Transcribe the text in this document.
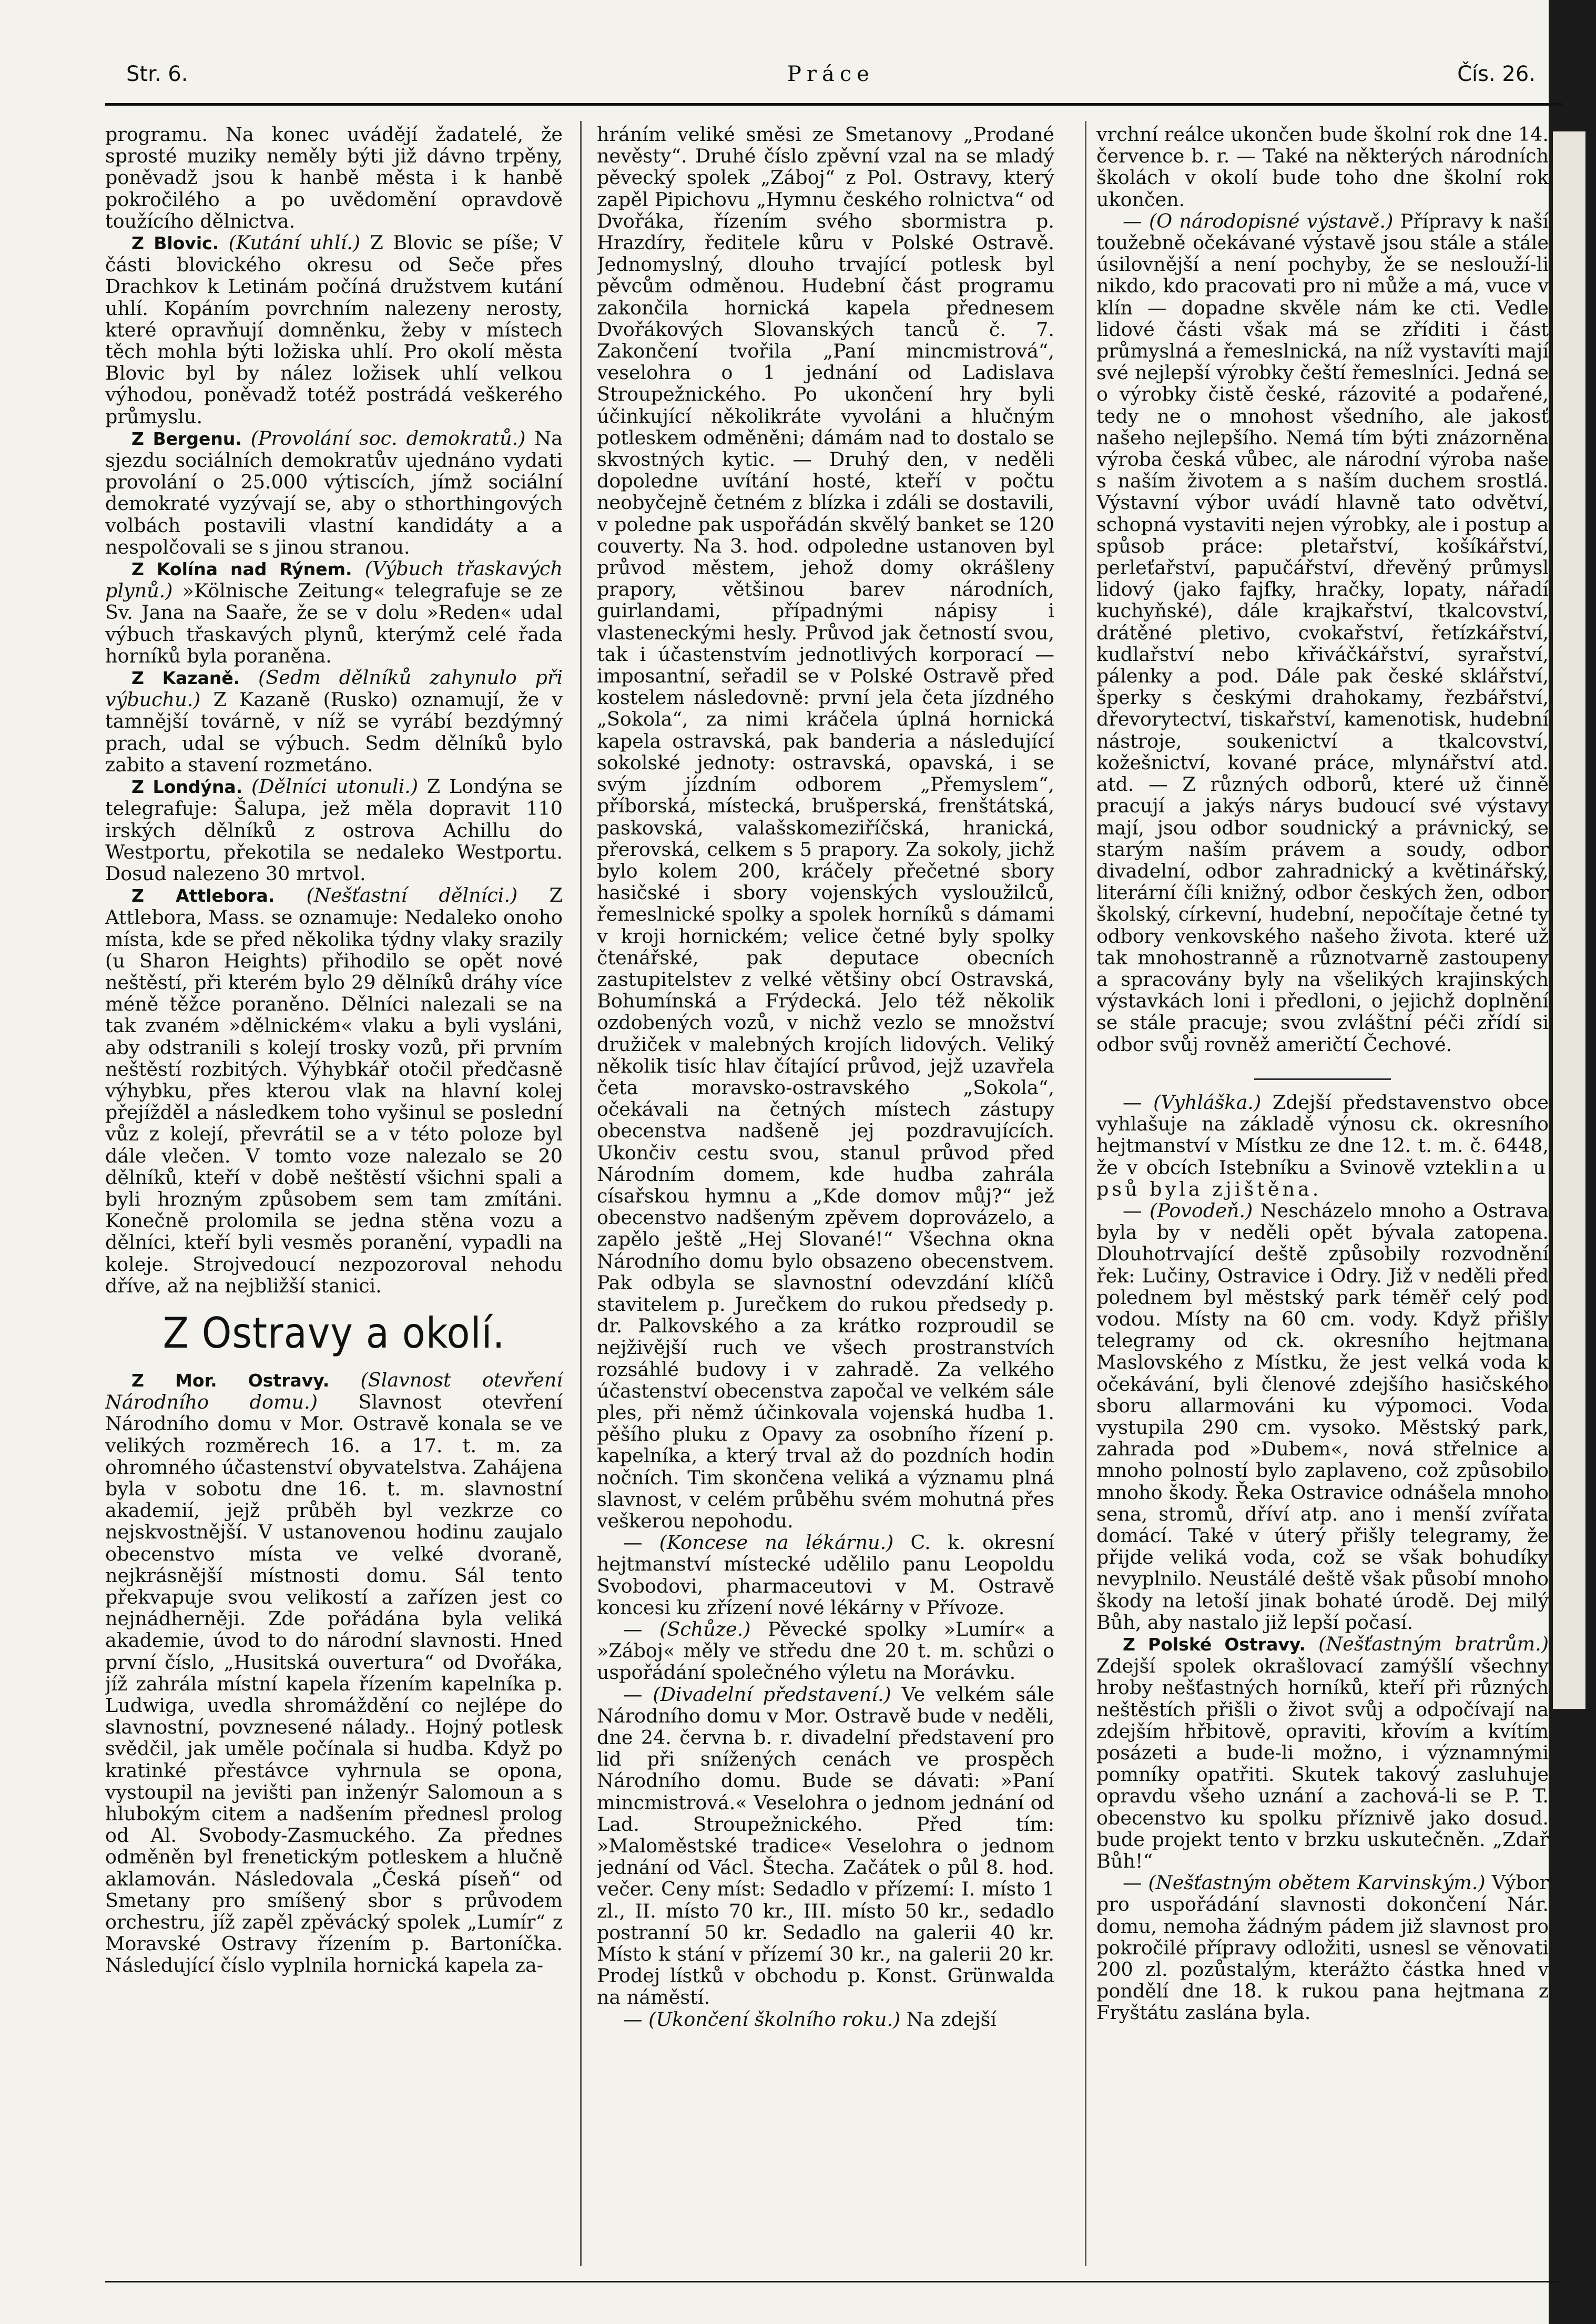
Str. 6.	Práce	Čís. 26.

programu. Na konec uvádějí žadatelé, že sprosté muziky neměly býti již dávno trpěny, poněvadž jsou k hanbě města i k hanbě pokročilého a po uvědomění opravdově toužícího dělnictva.

Z Blovic. (Kutání uhlí.) Z Blovic se píše; V části blovického okresu od Seče přes Drachkov k Letinám počíná družstvem kutání uhlí. Kopáním povrchním nalezeny nerosty, které opravňují domněnku, žeby v místech těch mohla býti ložiska uhlí. Pro okolí města Blovic byl by nález ložisek uhlí velkou výhodou, poněvadž totéž postrádá veškerého průmyslu.

Z Bergenu. (Provolání soc. demokratů.) Na sjezdu sociálních demokratův ujednáno vydati provolání o 25.000 výtiscích, jímž sociální demokraté vyzývají se, aby o sthorthingových volbách postavili vlastní kandidáty a a nespolčovali se s jinou stranou.

Z Kolína nad Rýnem. (Výbuch třaskavých plynů.) »Kölnische Zeitung« telegrafuje se ze Sv. Jana na Saaře, že se v dolu »Reden« udal výbuch třaskavých plynů, kterýmž celé řada horníků byla poraněna.

Z Kazaně. (Sedm dělníků zahynulo při výbuchu.) Z Kazaně (Rusko) oznamují, že v tamnější továrně, v níž se vyrábí bezdýmný prach, udal se výbuch. Sedm dělníků bylo zabito a stavení rozmetáno.

Z Londýna. (Dělníci utonuli.) Z Londýna se telegrafuje: Šalupa, jež měla dopravit 110 irských dělníků z ostrova Achillu do Westportu, překotila se nedaleko Westportu. Dosud nalezeno 30 mrtvol.

Z Attlebora. (Nešťastní dělníci.) Z Attlebora, Mass. se oznamuje: Nedaleko onoho místa, kde se před několika týdny vlaky srazily (u Sharon Heights) přihodilo se opět nové neštěstí, při kterém bylo 29 dělníků dráhy více méně těžce poraněno. Dělníci nalezali se na tak zvaném »dělnickém« vlaku a byli vysláni, aby odstranili s kolejí trosky vozů, při prvním neštěstí rozbitých. Výhybkář otočil předčasně výhybku, přes kterou vlak na hlavní kolej přejížděl a následkem toho vyšinul se poslední vůz z kolejí, převrátil se a v této poloze byl dále vlečen. V tomto voze nalezalo se 20 dělníků, kteří v době neštěstí všichni spali a byli hrozným způsobem sem tam zmítáni. Konečně prolomila se jedna stěna vozu a dělníci, kteří byli vesměs poranění, vypadli na koleje. Strojvedoucí nezpozoroval nehodu dříve, až na nejbližší stanici.

Z Ostravy a okolí.

Z Mor. Ostravy. (Slavnost otevření Národního domu.) Slavnost otevření Národního domu v Mor. Ostravě konala se ve velikých rozměrech 16. a 17. t. m. za ohromného účastenství obyvatelstva. Zahájena byla v sobotu dne 16. t. m. slavnostní akademií, jejž průběh byl vezkrze co nejskvostnější. V ustanovenou hodinu zaujalo obecenstvo místa ve velké dvoraně, nejkrásnější místnosti domu. Sál tento překvapuje svou velikostí a zařízen jest co nejnádherněji. Zde pořádána byla veliká akademie, úvod to do národní slavnosti. Hned první číslo, „Husitská ouvertura“ od Dvořáka, jíž zahrála místní kapela řízením kapelníka p. Ludwiga, uvedla shromáždění co nejlépe do slavnostní, povznesené nálady.. Hojný potlesk svědčil, jak uměle počínala si hudba. Když po kratinké přestávce vyhrnula se opona, vystoupil na jevišti pan inženýr Salomoun a s hlubokým citem a nadšením přednesl prolog od Al. Svobody-Zasmuckého. Za přednes odměněn byl frenetickým potleskem a hlučně aklamován. Následovala „Česká píseň“ od Smetany pro smíšený sbor s průvodem orchestru, jíž zapěl zpěvácký spolek „Lumír“ z Moravské Ostravy řízením p. Bartoníčka. Následující číslo vyplnila hornická kapela za-

hráním veliké směsi ze Smetanovy „Prodané nevěsty“. Druhé číslo zpěvní vzal na se mladý pěvecký spolek „Záboj“ z Pol. Ostravy, který zapěl Pipichovu „Hymnu českého rolnictva“ od Dvořáka, řízením svého sbormistra p. Hrazdíry, ředitele kůru v Polské Ostravě. Jednomyslný, dlouho trvající potlesk byl pěvcům odměnou. Hudební část programu zakončila hornická kapela přednesem Dvořákových Slovanských tanců č. 7. Zakončení tvořila „Paní mincmistrová“, veselohra o 1 jednání od Ladislava Stroupežnického. Po ukončení hry byli účinkující několikráte vyvoláni a hlučným potleskem odměněni; dámám nad to dostalo se skvostných kytic. — Druhý den, v neděli dopoledne uvítání hosté, kteří v počtu neobyčejně četném z blízka i zdáli se dostavili, v poledne pak uspořádán skvělý banket se 120 couverty. Na 3. hod. odpoledne ustanoven byl průvod městem, jehož domy okrášleny prapory, většinou barev národních, guirlandami, případnými nápisy i vlasteneckými hesly. Průvod jak četností svou, tak i účastenstvím jednotlivých korporací — imposantní, seřadil se v Polské Ostravě před kostelem následovně: první jela četa jízdného „Sokola“, za nimi kráčela úplná hornická kapela ostravská, pak banderia a následující sokolské jednoty: ostravská, opavská, i se svým jízdním odborem „Přemyslem“, příborská, místecká, brušperská, frenštátská, paskovská, valašskomeziříčská, hranická, přerovská, celkem s 5 prapory. Za sokoly, jichž bylo kolem 200, kráčely přečetné sbory hasičské i sbory vojenských vysloužilců, řemeslnické spolky a spolek horníků s dámami v kroji hornickém; velice četné byly spolky čtenářské, pak deputace obecních zastupitelstev z velké většiny obcí Ostravská, Bohumínská a Frýdecká. Jelo též několik ozdobených vozů, v nichž vezlo se množství družiček v malebných krojích lidových. Veliký několik tisíc hlav čítající průvod, jejž uzavřela četa moravsko-ostravského „Sokola“, očekávali na četných místech zástupy obecenstva nadšeně jej pozdravujících. Ukončiv cestu svou, stanul průvod před Národním domem, kde hudba zahrála císařskou hymnu a „Kde domov můj?“ jež obecenstvo nadšeným zpěvem doprovázelo, a zapělo ještě „Hej Slované!“ Všechna okna Národního domu bylo obsazeno obecenstvem. Pak odbyla se slavnostní odevzdání klíčů stavitelem p. Jurečkem do rukou předsedy p. dr. Palkovského a za krátko rozproudil se nejživější ruch ve všech prostranstvích rozsáhlé budovy i v zahradě. Za velkého účastenství obecenstva započal ve velkém sále ples, při němž účinkovala vojenská hudba 1. pěšího pluku z Opavy za osobního řízení p. kapelníka, a který trval až do pozdních hodin nočních. Tim skončena veliká a významu plná slavnost, v celém průběhu svém mohutná přes veškerou nepohodu.

— (Koncese na lékárnu.) C. k. okresní hejtmanství místecké udělilo panu Leopoldu Svobodovi, pharmaceutovi v M. Ostravě koncesi ku zřízení nové lékárny v Přívoze.

— (Schůze.) Pěvecké spolky »Lumír« a »Záboj« měly ve středu dne 20 t. m. schůzi o uspořádání společného výletu na Morávku.

— (Divadelní představení.) Ve velkém sále Národního domu v Mor. Ostravě bude v neděli, dne 24. června b. r. divadelní představení pro lid při snížených cenách ve prospěch Národního domu. Bude se dávati: »Paní mincmistrová.« Veselohra o jednom jednání od Lad. Stroupežnického. Před tím: »Maloměstské tradice« Veselohra o jednom jednání od Václ. Štecha. Začátek o půl 8. hod. večer. Ceny míst: Sedadlo v přízemí: I. místo 1 zl., II. místo 70 kr., III. místo 50 kr., sedadlo postranní 50 kr. Sedadlo na galerii 40 kr. Místo k stání v přízemí 30 kr., na galerii 20 kr. Prodej lístků v obchodu p. Konst. Grünwalda na náměstí.

— (Ukončení školního roku.) Na zdejší

vrchní reálce ukončen bude školní rok dne 14. července b. r. — Také na některých národních školách v okolí bude toho dne školní rok ukončen.

— (O národopisné výstavě.) Přípravy k naší toužebně očekávané výstavě jsou stále a stále úsilovnější a není pochyby, že se neslouží-li nikdo, kdo pracovati pro ni může a má, vuce v klín — dopadne skvěle nám ke cti. Vedle lidové části však má se zříditi i část průmyslná a řemeslnická, na níž vystavíti mají své nejlepší výrobky čeští řemeslníci. Jedná se o výrobky čistě české, rázovité a podařené, tedy ne o mnohost všedního, ale jakosť našeho nejlepšího. Nemá tím býti znázorněna výroba česká vůbec, ale národní výroba naše s naším životem a s naším duchem srostlá. Výstavní výbor uvádí hlavně tato odvětví, schopná vystaviti nejen výrobky, ale i postup a spůsob práce: pletařství, košíkářství, perleťařství, papučářství, dřevěný průmysl lidový (jako fajfky, hračky, lopaty, nářadí kuchyňské), dále krajkařství, tkalcovství, drátěné pletivo, cvokařství, řetízkářství, kudlařství nebo křiváčkářství, syrařství, pálenky a pod. Dále pak české sklářství, šperky s českými drahokamy, řezbářství, dřevorytectví, tiskařství, kamenotisk, hudební nástroje, soukenictví a tkalcovství, kožešnictví, kované práce, mlynářství atd. atd. — Z různých odborů, které už činně pracují a jakýs nárys budoucí své výstavy mají, jsou odbor soudnický a právnický, se starým naším právem a soudy, odbor divadelní, odbor zahradnický a květinářský, literární číli knižný, odbor českých žen, odbor školský, církevní, hudební, nepočítaje četné ty odbory venkovského našeho života. které už tak mnohostranně a různotvarně zastoupeny a spracovány byly na všelikých krajinských výstavkách loni i předloni, o jejichž doplnění se stále pracuje; svou zvláštní péči zřídí si odbor svůj rovněž američtí Čechové.

— (Vyhláška.) Zdejší představenstvo obce vyhlašuje na základě výnosu ck. okresního hejtmanství v Místku ze dne 12. t. m. č. 6448, že v obcích Istebníku a Svinově vzteklina u psů byla zjištěna.

— (Povodeň.) Nescházelo mnoho a Ostrava byla by v neděli opět bývala zatopena. Dlouhotrvající deště způsobily rozvodnění řek: Lučiny, Ostravice i Odry. Již v neděli před polednem byl městský park téměř celý pod vodou. Místy na 60 cm. vody. Když přišly telegramy od ck. okresního hejtmana Maslovského z Místku, že jest velká voda k očekávání, byli členové zdejšího hasičského sboru allarmováni ku výpomoci. Voda vystupila 290 cm. vysoko. Městský park, zahrada pod »Dubem«, nová střelnice a mnoho polností bylo zaplaveno, což způsobilo mnoho škody. Řeka Ostravice odnášela mnoho sena, stromů, dříví atp. ano i menší zvířata domácí. Také v úterý přišly telegramy, že přijde veliká voda, což se však bohudíky nevyplnilo. Neustálé deště však působí mnoho škody na letoší jinak bohaté úrodě. Dej milý Bůh, aby nastalo již lepší počasí.

Z Polské Ostravy. (Nešťastným bratrům.) Zdejší spolek okrašlovací zamýšlí všechny hroby nešťastných horníků, kteří při různých neštěstích přišli o život svůj a odpočívají na zdejším hřbitově, opraviti, křovím a kvítím posázeti a bude-li možno, i významnými pomníky opatřiti. Skutek takový zasluhuje opravdu všeho uznání a zachová-li se P. T. obecenstvo ku spolku příznivě jako dosud. bude projekt tento v brzku uskutečněn. „Zdař Bůh!“

— (Nešťastným obětem Karvinským.) Výbor pro uspořádání slavnosti dokončení Nár. domu, nemoha žádným pádem již slavnost pro pokročilé přípravy odložiti, usnesl se věnovati 200 zl. pozůstalým, kterážto částka hned v pondělí dne 18. k rukou pana hejtmana z Fryštátu zaslána byla.
